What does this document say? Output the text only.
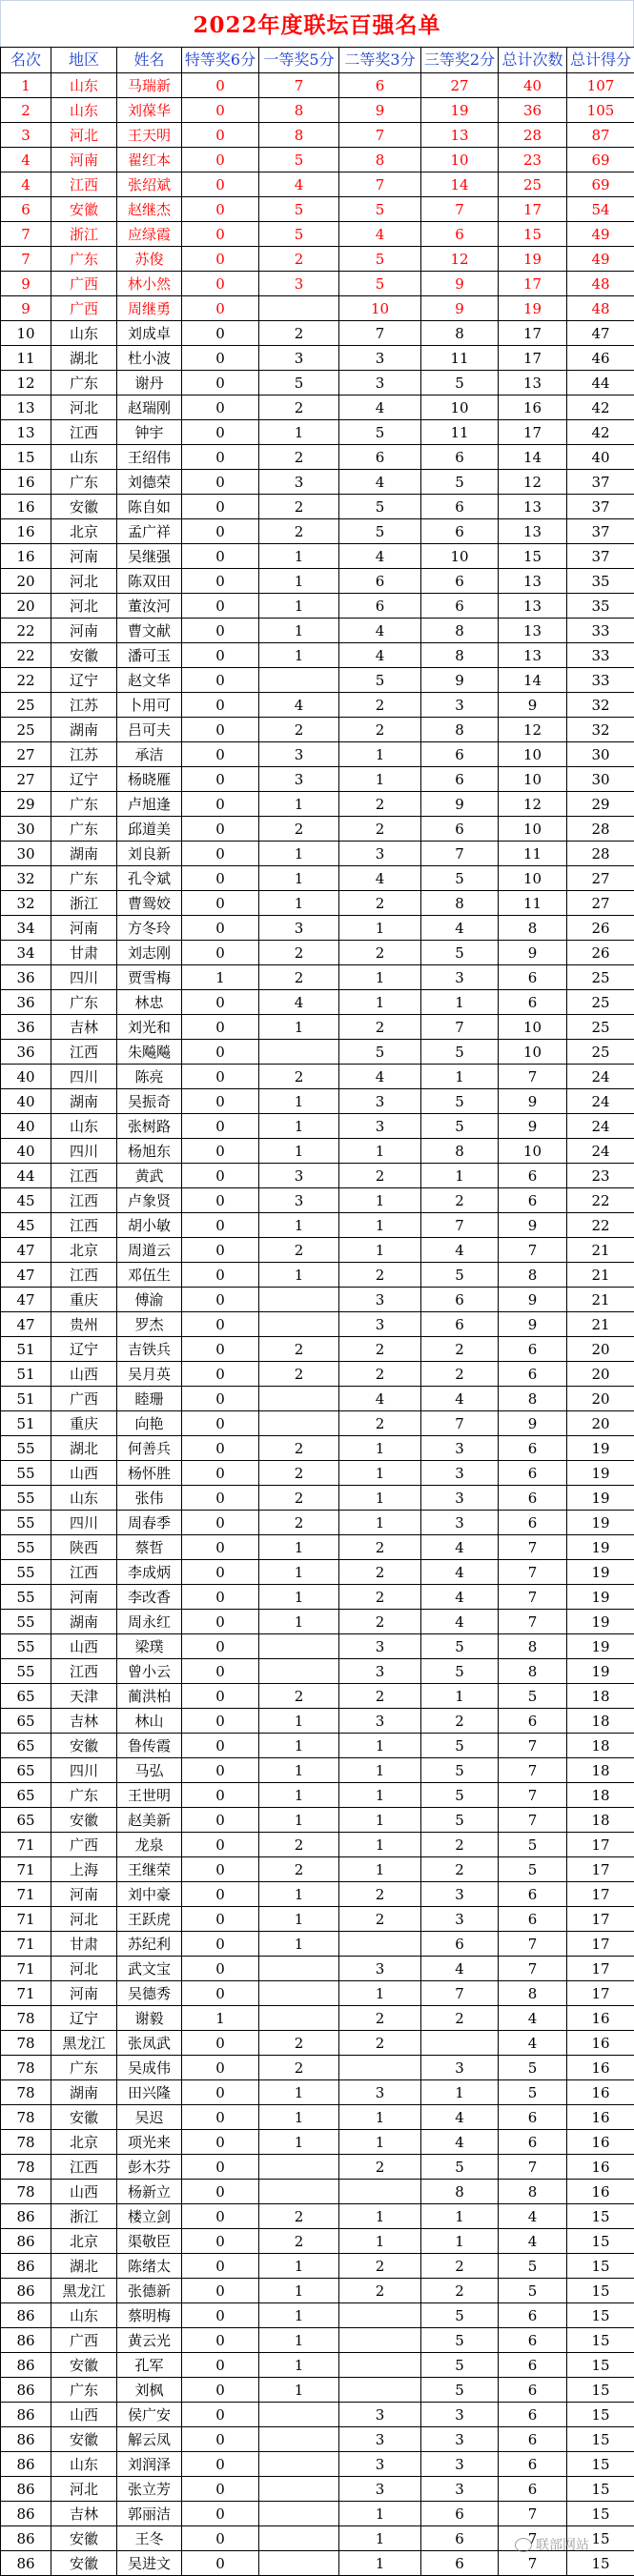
2022年度联坛百强名单
名次	地区	姓名	特等奖6分	一等奖5分	二等奖3分	三等奖2分	总计次数	总计得分
1	山东	马瑞新	0	7	6	27	40	107
2	山东	刘葆华	0	8	9	19	36	105
3	河北	王天明	0	8	7	13	28	87
4	河南	翟红本	0	5	8	10	23	69
4	江西	张绍斌	0	4	7	14	25	69
6	安徽	赵继杰	0	5	5	7	17	54
7	浙江	应绿霞	0	5	4	6	15	49
7	广东	苏俊	0	2	5	12	19	49
9	广西	林小然	0	3	5	9	17	48
9	广西	周继勇	0		10	9	19	48
10	山东	刘成卓	0	2	7	8	17	47
11	湖北	杜小波	0	3	3	11	17	46
12	广东	谢丹	0	5	3	5	13	44
13	河北	赵瑞刚	0	2	4	10	16	42
13	江西	钟宇	0	1	5	11	17	42
15	山东	王绍伟	0	2	6	6	14	40
16	广东	刘德荣	0	3	4	5	12	37
16	安徽	陈自如	0	2	5	6	13	37
16	北京	孟广祥	0	2	5	6	13	37
16	河南	吴继强	0	1	4	10	15	37
20	河北	陈双田	0	1	6	6	13	35
20	河北	董汝河	0	1	6	6	13	35
22	河南	曹文献	0	1	4	8	13	33
22	安徽	潘可玉	0	1	4	8	13	33
22	辽宁	赵文华	0		5	9	14	33
25	江苏	卜用可	0	4	2	3	9	32
25	湖南	吕可夫	0	2	2	8	12	32
27	江苏	承洁	0	3	1	6	10	30
27	辽宁	杨晓雁	0	3	1	6	10	30
29	广东	卢旭逢	0	1	2	9	12	29
30	广东	邱道美	0	2	2	6	10	28
30	湖南	刘良新	0	1	3	7	11	28
32	广东	孔令斌	0	1	4	5	10	27
32	浙江	曹鸳姣	0	1	2	8	11	27
34	河南	方冬玲	0	3	1	4	8	26
34	甘肃	刘志刚	0	2	2	5	9	26
36	四川	贾雪梅	1	2	1	3	6	25
36	广东	林忠	0	4	1	1	6	25
36	吉林	刘光和	0	1	2	7	10	25
36	江西	朱飚飚	0		5	5	10	25
40	四川	陈亮	0	2	4	1	7	24
40	湖南	吴振奇	0	1	3	5	9	24
40	山东	张树路	0	1	3	5	9	24
40	四川	杨旭东	0	1	1	8	10	24
44	江西	黄武	0	3	2	1	6	23
45	江西	卢象贤	0	3	1	2	6	22
45	江西	胡小敏	0	1	1	7	9	22
47	北京	周道云	0	2	1	4	7	21
47	江西	邓伍生	0	1	2	5	8	21
47	重庆	傅渝	0		3	6	9	21
47	贵州	罗杰	0		3	6	9	21
51	辽宁	吉铁兵	0	2	2	2	6	20
51	山西	吴月英	0	2	2	2	6	20
51	广西	睦珊	0		4	4	8	20
51	重庆	向艳	0		2	7	9	20
55	湖北	何善兵	0	2	1	3	6	19
55	山西	杨怀胜	0	2	1	3	6	19
55	山东	张伟	0	2	1	3	6	19
55	四川	周春季	0	2	1	3	6	19
55	陕西	蔡哲	0	1	2	4	7	19
55	江西	李成炳	0	1	2	4	7	19
55	河南	李改香	0	1	2	4	7	19
55	湖南	周永红	0	1	2	4	7	19
55	山西	梁璞	0		3	5	8	19
55	江西	曾小云	0		3	5	8	19
65	天津	蔺洪柏	0	2	2	1	5	18
65	吉林	林山	0	1	3	2	6	18
65	安徽	鲁传霞	0	1	1	5	7	18
65	四川	马弘	0	1	1	5	7	18
65	广东	王世明	0	1	1	5	7	18
65	安徽	赵美新	0	1	1	5	7	18
71	广西	龙泉	0	2	1	2	5	17
71	上海	王继荣	0	2	1	2	5	17
71	河南	刘中豪	0	1	2	3	6	17
71	河北	王跃虎	0	1	2	3	6	17
71	甘肃	苏纪利	0	1		6	7	17
71	河北	武文宝	0		3	4	7	17
71	河南	吴德秀	0		1	7	8	17
78	辽宁	谢毅	1		2	2	4	16
78	黑龙江	张凤武	0	2	2		4	16
78	广东	吴成伟	0	2		3	5	16
78	湖南	田兴隆	0	1	3	1	5	16
78	安徽	吴迟	0	1	1	4	6	16
78	北京	项光来	0	1	1	4	6	16
78	江西	彭木芬	0		2	5	7	16
78	山西	杨新立	0			8	8	16
86	浙江	楼立剑	0	2	1	1	4	15
86	北京	渠敬臣	0	2	1	1	4	15
86	湖北	陈绪太	0	1	2	2	5	15
86	黑龙江	张德新	0	1	2	2	5	15
86	山东	蔡明梅	0	1		5	6	15
86	广西	黄云光	0	1		5	6	15
86	安徽	孔军	0	1		5	6	15
86	广东	刘枫	0	1		5	6	15
86	山西	侯广安	0		3	3	6	15
86	安徽	解云凤	0		3	3	6	15
86	山东	刘润泽	0		3	3	6	15
86	河北	张立芳	0		3	3	6	15
86	吉林	郭丽洁	0		1	6	7	15
86	安徽	王冬	0		1	6	7	15
86	安徽	吴进文	0		1	6	7	15
联部网站
